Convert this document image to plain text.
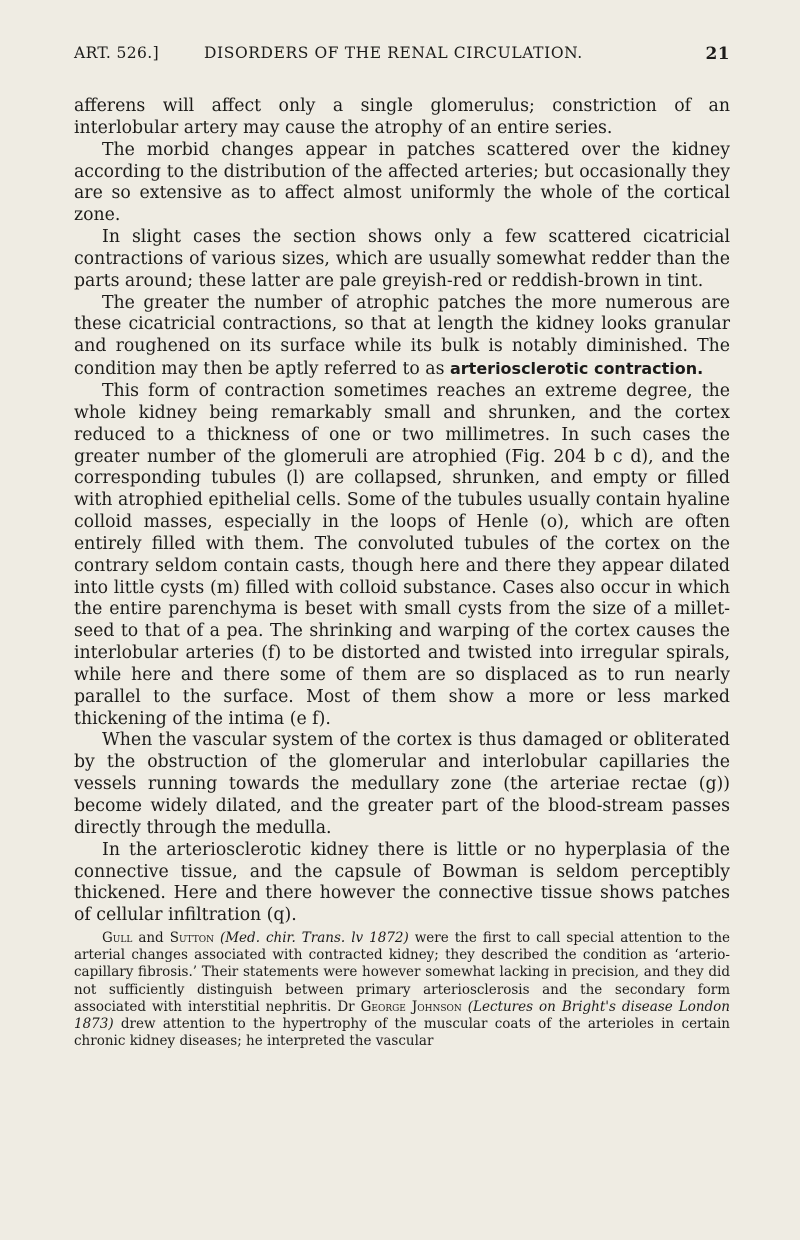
ART. 526.]	DISORDERS OF THE RENAL CIRCULATION.	21

afferens will affect only a single glomerulus; constriction of an interlobular artery may cause the atrophy of an entire series.

The morbid changes appear in patches scattered over the kidney according to the distribution of the affected arteries; but occasionally they are so extensive as to affect almost uniformly the whole of the cortical zone.

In slight cases the section shows only a few scattered cicatricial contractions of various sizes, which are usually somewhat redder than the parts around; these latter are pale greyish-red or reddish-brown in tint.

The greater the number of atrophic patches the more numerous are these cicatricial contractions, so that at length the kidney looks granular and roughened on its surface while its bulk is notably diminished. The condition may then be aptly referred to as arteriosclerotic contraction.

This form of contraction sometimes reaches an extreme degree, the whole kidney being remarkably small and shrunken, and the cortex reduced to a thickness of one or two millimetres. In such cases the greater number of the glomeruli are atrophied (Fig. 204 b c d), and the corresponding tubules (l) are collapsed, shrunken, and empty or filled with atrophied epithelial cells. Some of the tubules usually contain hyaline colloid masses, especially in the loops of Henle (o), which are often entirely filled with them. The convoluted tubules of the cortex on the contrary seldom contain casts, though here and there they appear dilated into little cysts (m) filled with colloid substance. Cases also occur in which the entire parenchyma is beset with small cysts from the size of a millet-seed to that of a pea. The shrinking and warping of the cortex causes the interlobular arteries (f) to be distorted and twisted into irregular spirals, while here and there some of them are so displaced as to run nearly parallel to the surface. Most of them show a more or less marked thickening of the intima (e f).

When the vascular system of the cortex is thus damaged or obliterated by the obstruction of the glomerular and interlobular capillaries the vessels running towards the medullary zone (the arteriae rectae (g)) become widely dilated, and the greater part of the blood-stream passes directly through the medulla.

In the arteriosclerotic kidney there is little or no hyperplasia of the connective tissue, and the capsule of Bowman is seldom perceptibly thickened. Here and there however the connective tissue shows patches of cellular infiltration (q).

Gull and Sutton (Med. chir. Trans. lv 1872) were the first to call special attention to the arterial changes associated with contracted kidney; they described the condition as ‘arterio-capillary fibrosis.’ Their statements were however somewhat lacking in precision, and they did not sufficiently distinguish between primary arteriosclerosis and the secondary form associated with interstitial nephritis. Dr George Johnson (Lectures on Bright's disease London 1873) drew attention to the hypertrophy of the muscular coats of the arterioles in certain chronic kidney diseases; he interpreted the vascular
